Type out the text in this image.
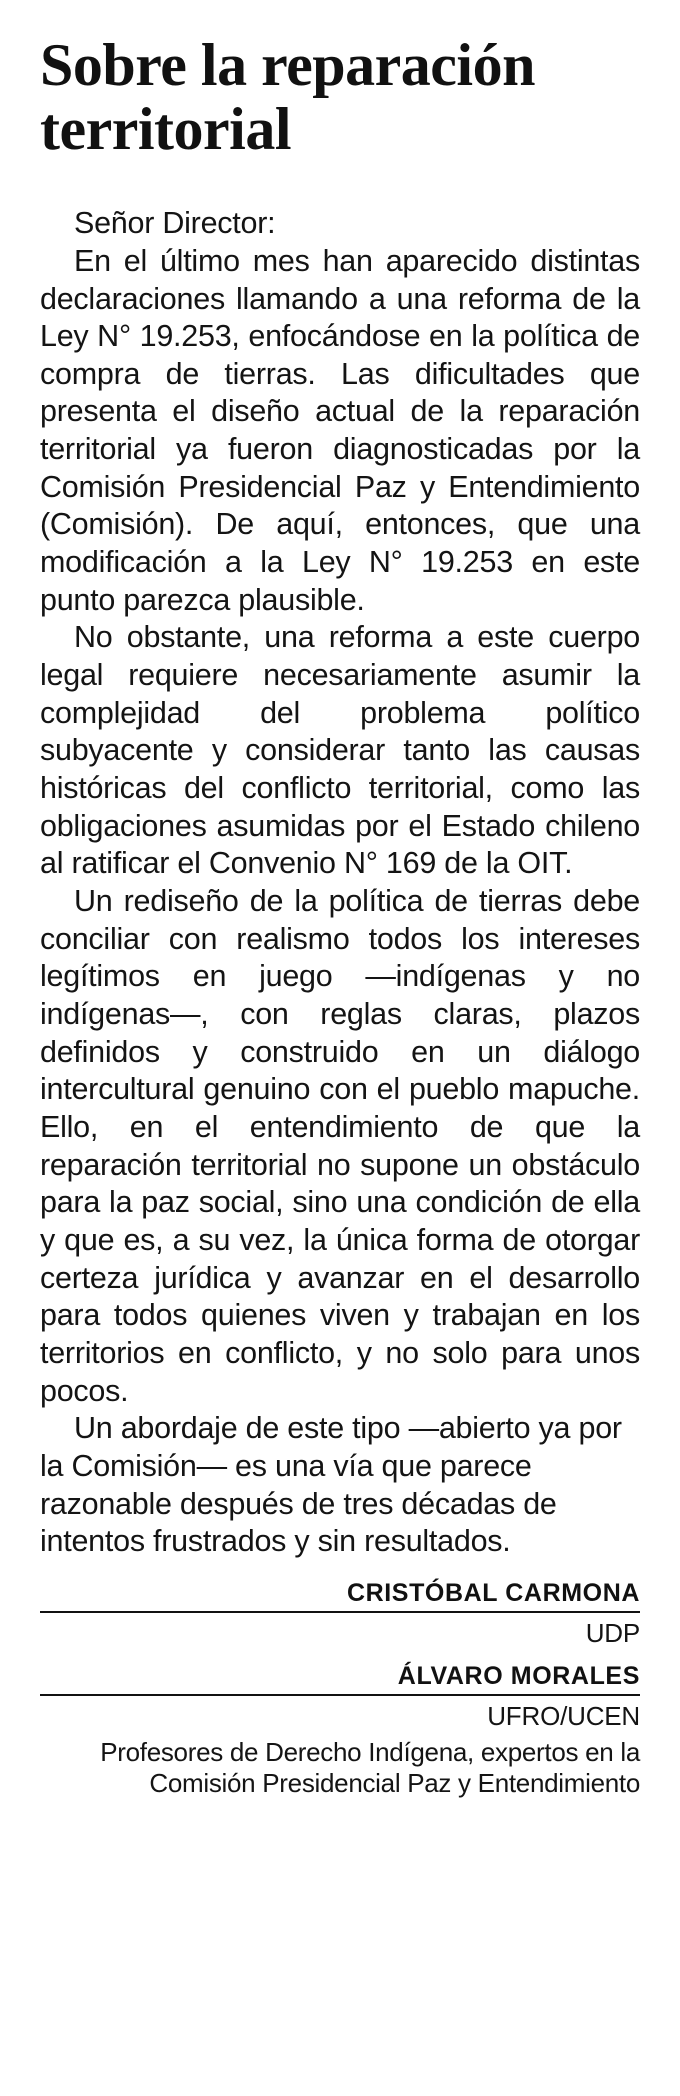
Sobre la reparación territorial

Señor Director:

En el último mes han aparecido distintas declaraciones llamando a una reforma de la Ley N° 19.253, enfocándose en la política de compra de tierras. Las dificultades que presenta el diseño actual de la reparación territorial ya fueron diagnosticadas por la Comisión Presidencial Paz y Entendimiento (Comisión). De aquí, entonces, que una modificación a la Ley N° 19.253 en este punto parezca plausible.

No obstante, una reforma a este cuerpo legal requiere necesariamente asumir la complejidad del problema político subyacente y considerar tanto las causas históricas del conflicto territorial, como las obligaciones asumidas por el Estado chileno al ratificar el Convenio N° 169 de la OIT.

Un rediseño de la política de tierras debe conciliar con realismo todos los intereses legítimos en juego —indígenas y no indígenas—, con reglas claras, plazos definidos y construido en un diálogo intercultural genuino con el pueblo mapuche. Ello, en el entendimiento de que la reparación territorial no supone un obstáculo para la paz social, sino una condición de ella y que es, a su vez, la única forma de otorgar certeza jurídica y avanzar en el desarrollo para todos quienes viven y trabajan en los territorios en conflicto, y no solo para unos pocos.

Un abordaje de este tipo —abierto ya por la Comisión— es una vía que parece razonable después de tres décadas de intentos frustrados y sin resultados.

CRISTÓBAL CARMONA
UDP
ÁLVARO MORALES
UFRO/UCEN
Profesores de Derecho Indígena, expertos en la Comisión Presidencial Paz y Entendimiento
